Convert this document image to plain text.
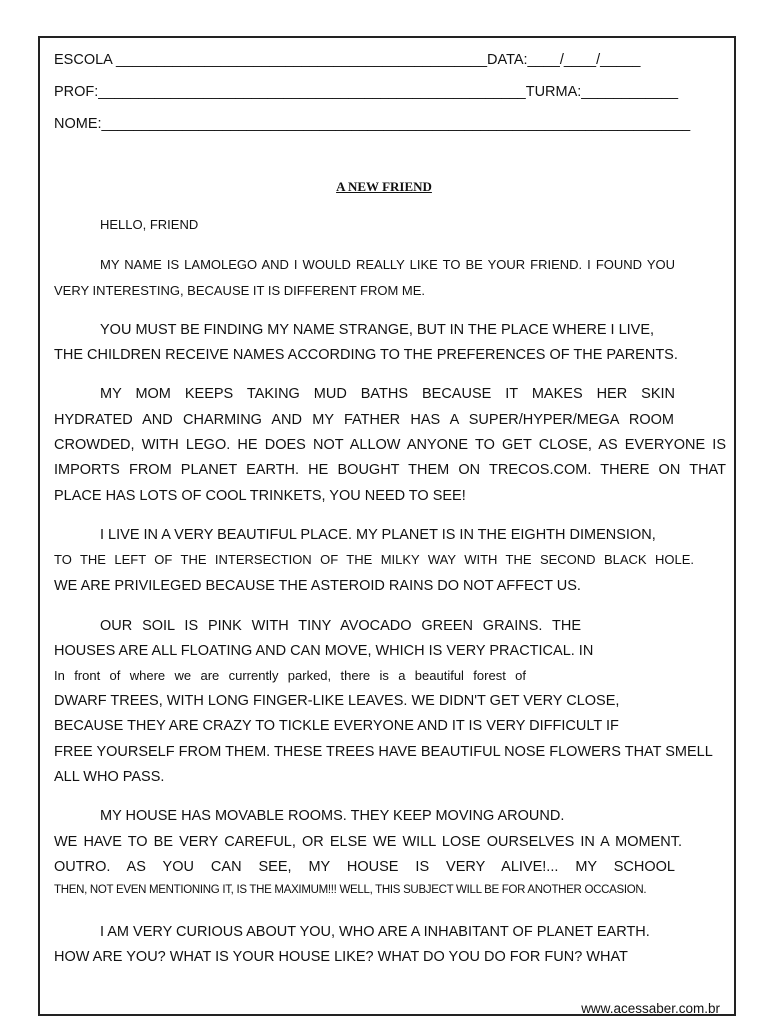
ESCOLA ______________________________________________DATA:____/____/_____
PROF:_____________________________________________________TURMA:____________
NOME:_________________________________________________________________________
A NEW FRIEND
HELLO, FRIEND
MY NAME IS LAMOLEGO AND I WOULD REALLY LIKE TO BE YOUR FRIEND. I FOUND YOU
VERY INTERESTING, BECAUSE IT IS DIFFERENT FROM ME.
YOU MUST BE FINDING MY NAME STRANGE, BUT IN THE PLACE WHERE I LIVE,
THE CHILDREN RECEIVE NAMES ACCORDING TO THE PREFERENCES OF THE PARENTS.
MY MOM KEEPS TAKING MUD BATHS BECAUSE IT MAKES HER SKIN
HYDRATED AND CHARMING AND MY FATHER HAS A SUPER/HYPER/MEGA ROOM
CROWDED, WITH LEGO. HE DOES NOT ALLOW ANYONE TO GET CLOSE, AS EVERYONE IS
IMPORTS FROM PLANET EARTH. HE BOUGHT THEM ON TRECOS.COM. THERE ON THAT
PLACE HAS LOTS OF COOL TRINKETS, YOU NEED TO SEE!
I LIVE IN A VERY BEAUTIFUL PLACE. MY PLANET IS IN THE EIGHTH DIMENSION,
TO THE LEFT OF THE INTERSECTION OF THE MILKY WAY WITH THE SECOND BLACK HOLE.
WE ARE PRIVILEGED BECAUSE THE ASTEROID RAINS DO NOT AFFECT US.
OUR SOIL IS PINK WITH TINY AVOCADO GREEN GRAINS. THE
HOUSES ARE ALL FLOATING AND CAN MOVE, WHICH IS VERY PRACTICAL. IN
In front of where we are currently parked, there is a beautiful forest of
DWARF TREES, WITH LONG FINGER-LIKE LEAVES. WE DIDN'T GET VERY CLOSE,
BECAUSE THEY ARE CRAZY TO TICKLE EVERYONE AND IT IS VERY DIFFICULT IF
FREE YOURSELF FROM THEM. THESE TREES HAVE BEAUTIFUL NOSE FLOWERS THAT SMELL
ALL WHO PASS.
MY HOUSE HAS MOVABLE ROOMS. THEY KEEP MOVING AROUND.
WE HAVE TO BE VERY CAREFUL, OR ELSE WE WILL LOSE OURSELVES IN A MOMENT.
OUTRO. AS YOU CAN SEE, MY HOUSE IS VERY ALIVE!... MY SCHOOL
THEN, NOT EVEN MENTIONING IT, IS THE MAXIMUM!!! WELL, THIS SUBJECT WILL BE FOR ANOTHER OCCASION.
I AM VERY CURIOUS ABOUT YOU, WHO ARE A INHABITANT OF PLANET EARTH.
HOW ARE YOU? WHAT IS YOUR HOUSE LIKE? WHAT DO YOU DO FOR FUN? WHAT
www.acessaber.com.br
